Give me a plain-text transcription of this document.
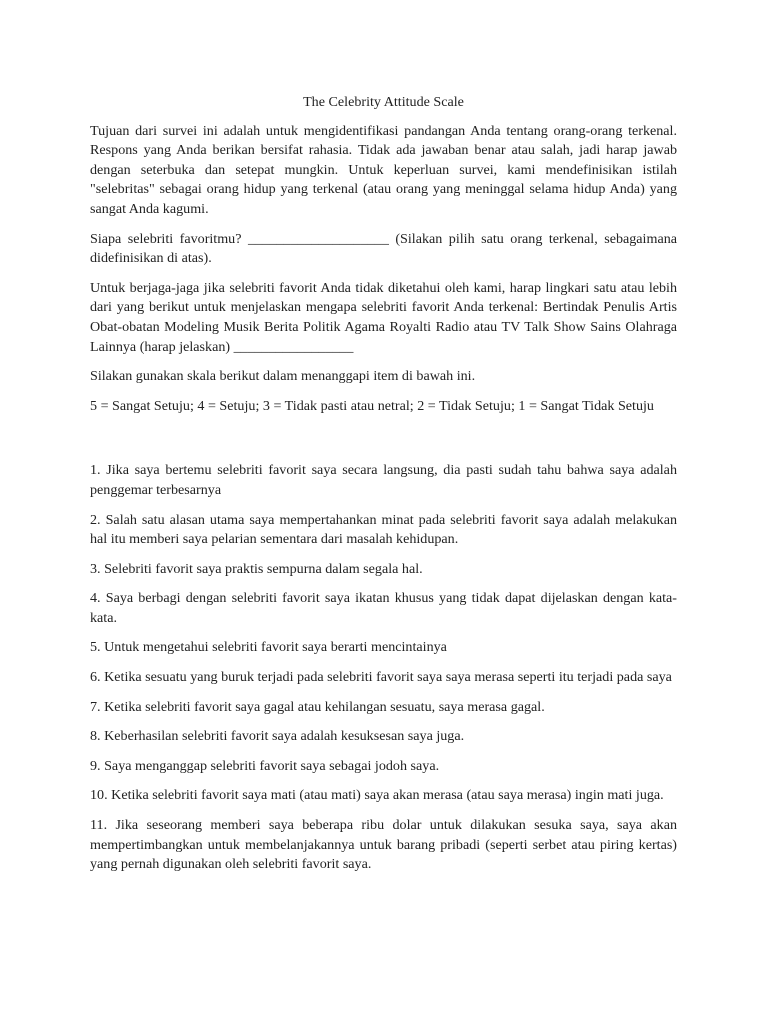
The Celebrity Attitude Scale

Tujuan dari survei ini adalah untuk mengidentifikasi pandangan Anda tentang orang-orang terkenal. Respons yang Anda berikan bersifat rahasia. Tidak ada jawaban benar atau salah, jadi harap jawab dengan seterbuka dan setepat mungkin. Untuk keperluan survei, kami mendefinisikan istilah "selebritas" sebagai orang hidup yang terkenal (atau orang yang meninggal selama hidup Anda) yang sangat Anda kagumi.

Siapa selebriti favoritmu? ____________________ (Silakan pilih satu orang terkenal, sebagaimana didefinisikan di atas).

Untuk berjaga-jaga jika selebriti favorit Anda tidak diketahui oleh kami, harap lingkari satu atau lebih dari yang berikut untuk menjelaskan mengapa selebriti favorit Anda terkenal: Bertindak Penulis Artis Obat-obatan Modeling Musik Berita Politik Agama Royalti Radio atau TV Talk Show Sains Olahraga Lainnya (harap jelaskan) _________________

Silakan gunakan skala berikut dalam menanggapi item di bawah ini.

5 = Sangat Setuju; 4 = Setuju; 3 = Tidak pasti atau netral; 2 = Tidak Setuju; 1 = Sangat Tidak Setuju

1. Jika saya bertemu selebriti favorit saya secara langsung, dia pasti sudah tahu bahwa saya adalah penggemar terbesarnya

2. Salah satu alasan utama saya mempertahankan minat pada selebriti favorit saya adalah melakukan hal itu memberi saya pelarian sementara dari masalah kehidupan.

3. Selebriti favorit saya praktis sempurna dalam segala hal.

4. Saya berbagi dengan selebriti favorit saya ikatan khusus yang tidak dapat dijelaskan dengan kata-kata.

5. Untuk mengetahui selebriti favorit saya berarti mencintainya

6. Ketika sesuatu yang buruk terjadi pada selebriti favorit saya saya merasa seperti itu terjadi pada saya

7. Ketika selebriti favorit saya gagal atau kehilangan sesuatu, saya merasa gagal.

8. Keberhasilan selebriti favorit saya adalah kesuksesan saya juga.

9. Saya menganggap selebriti favorit saya sebagai jodoh saya.

10. Ketika selebriti favorit saya mati (atau mati) saya akan merasa (atau saya merasa) ingin mati juga.

11. Jika seseorang memberi saya beberapa ribu dolar untuk dilakukan sesuka saya, saya akan mempertimbangkan untuk membelanjakannya untuk barang pribadi (seperti serbet atau piring kertas) yang pernah digunakan oleh selebriti favorit saya.
